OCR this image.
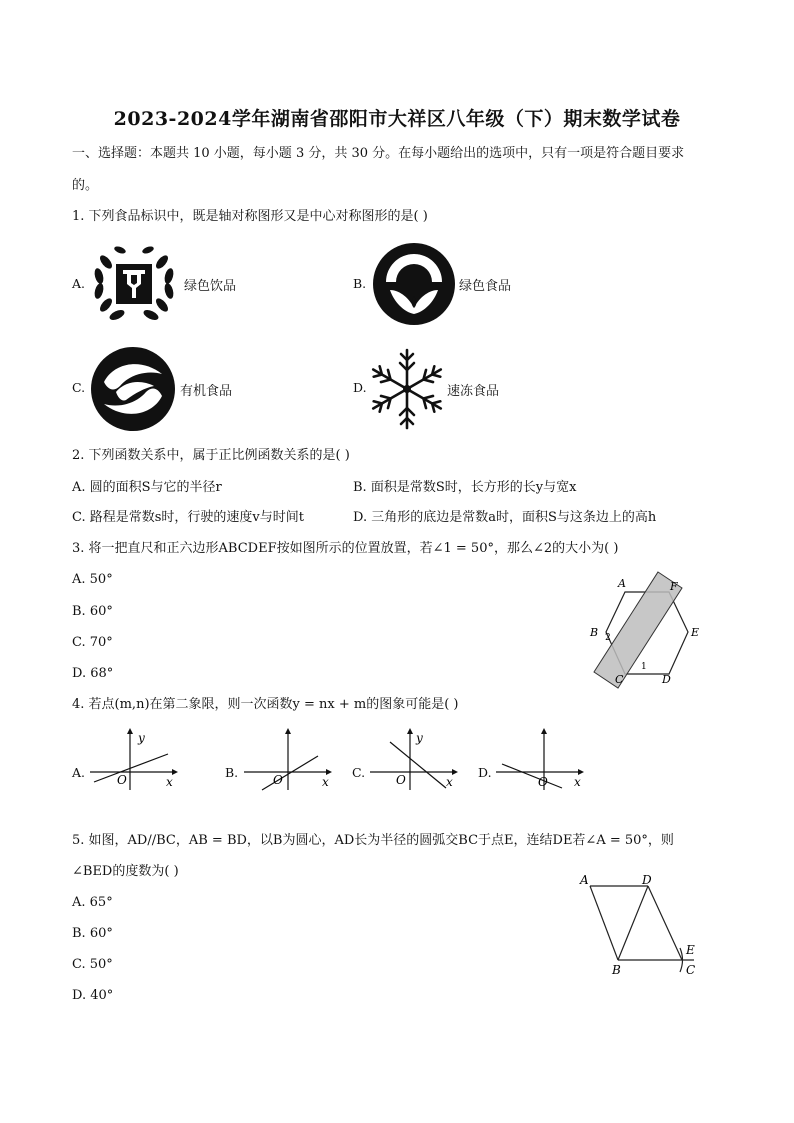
2023-2024学年湖南省邵阳市大祥区八年级（下）期末数学试卷
一、选择题：本题共 10 小题，每小题 3 分，共 30 分。在每小题给出的选项中，只有一项是符合题目要求
的。
1. 下列食品标识中，既是轴对称图形又是中心对称图形的是( )
A.	绿色饮品	B.	绿色食品
C.	有机食品	D.	速冻食品
2. 下列函数关系中，属于正比例函数关系的是( )
A. 圆的面积S与它的半径r	B. 面积是常数S时，长方形的长y与宽x
C. 路程是常数s时，行驶的速度v与时间t	D. 三角形的底边是常数a时，面积S与这条边上的高h
3. 将一把直尺和正六边形ABCDEF按如图所示的位置放置，若∠1 = 50°，那么∠2的大小为( )
A. 50°
B. 60°
C. 70°
D. 68°
A	F
B	E
C	D
1
2
4. 若点(m,n)在第二象限，则一次函数y = nx + m的图象可能是( )
A.
y
x
O	B.
x
O	C.
y
x
O	D.
x
O
5. 如图，AD//BC，AB = BD，以B为圆心，AD长为半径的圆弧交BC于点E，连结DE若∠A = 50°，则
∠BED的度数为( )
A. 65°
B. 60°
C. 50°
D. 40°
A	D
B
E
C
